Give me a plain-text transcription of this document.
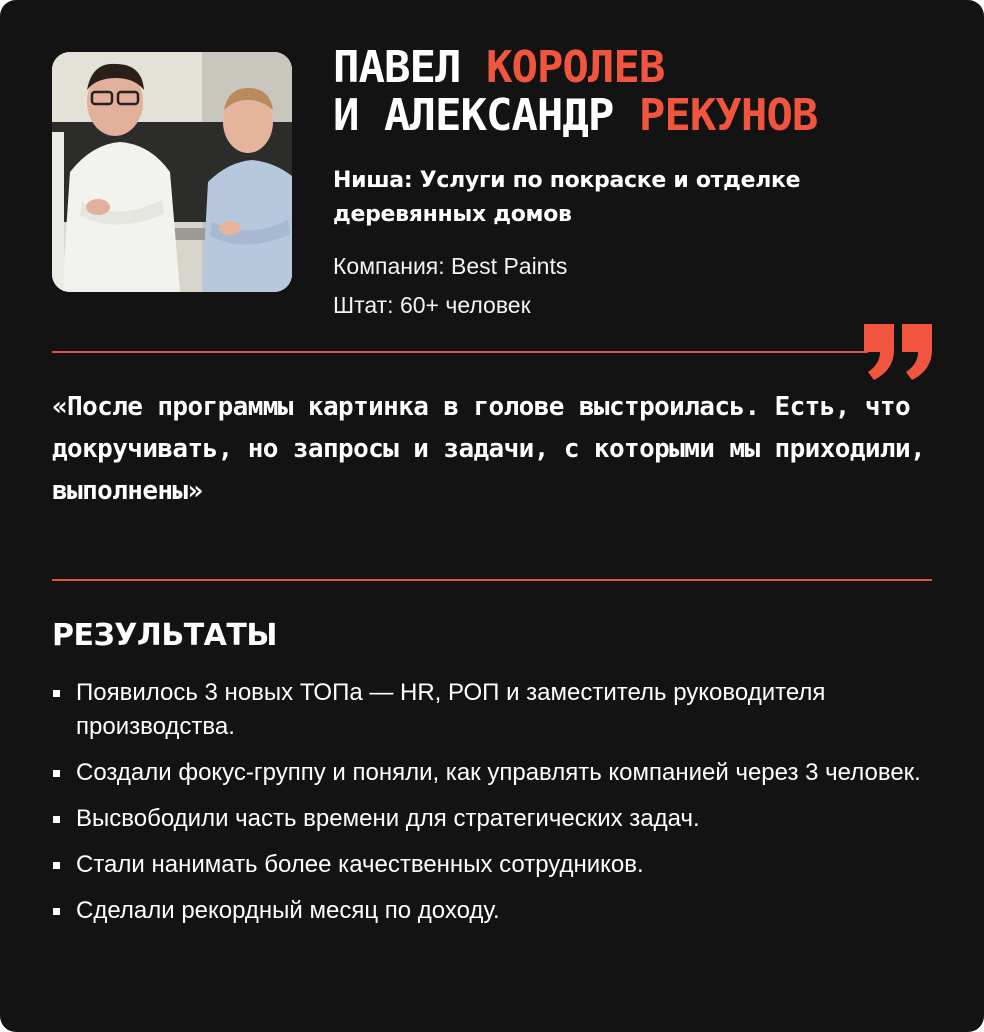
ПАВЕЛ КОРОЛЕВ
И АЛЕКСАНДР РЕКУНОВ

Ниша: Услуги по покраске и отделке деревянных домов

Компания: Best Paints

Штат: 60+ человек

«После программы картинка в голове выстроилась. Есть, что докручивать, но запросы и задачи, с которыми мы приходили, выполнены»

РЕЗУЛЬТАТЫ
Появилось 3 новых ТОПа — HR, РОП и заместитель руководителя производства.
Создали фокус-группу и поняли, как управлять компанией через 3 человек.
Высвободили часть времени для стратегических задач.
Стали нанимать более качественных сотрудников.
Сделали рекордный месяц по доходу.
